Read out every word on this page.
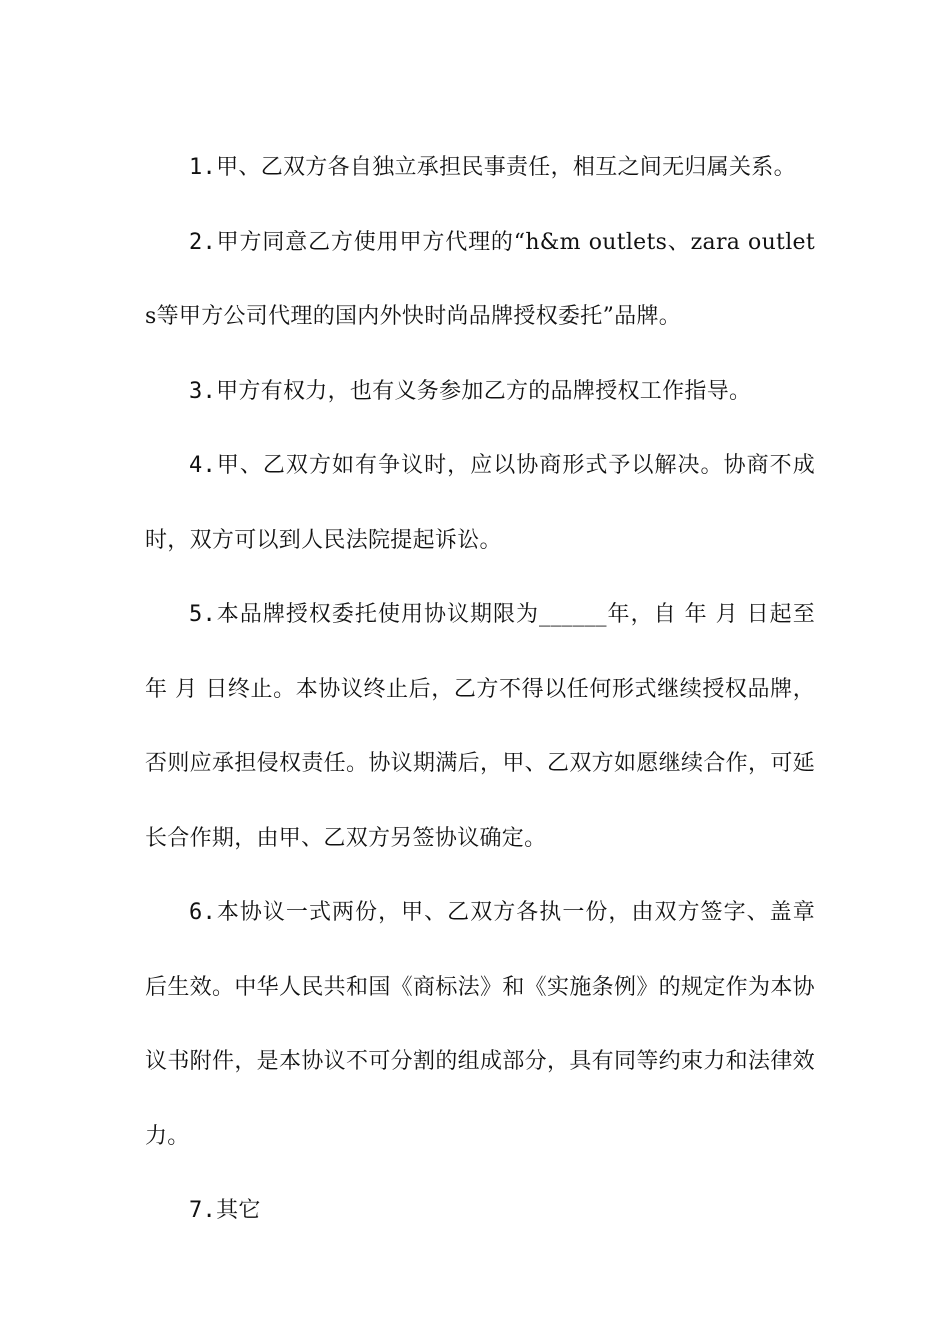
1.甲、乙双方各自独立承担民事责任，相互之间无归属关系。

2.甲方同意乙方使用甲方代理的“h&m outlets、zara outlets等甲方公司代理的国内外快时尚品牌授权委托”品牌。

3.甲方有权力，也有义务参加乙方的品牌授权工作指导。

4.甲、乙双方如有争议时，应以协商形式予以解决。协商不成时，双方可以到人民法院提起诉讼。

5.本品牌授权委托使用协议期限为______年，自 年 月 日起至 年 月 日终止。本协议终止后，乙方不得以任何形式继续授权品牌，否则应承担侵权责任。协议期满后，甲、乙双方如愿继续合作，可延长合作期，由甲、乙双方另签协议确定。

6.本协议一式两份，甲、乙双方各执一份，由双方签字、盖章后生效。中华人民共和国《商标法》和《实施条例》的规定作为本协议书附件，是本协议不可分割的组成部分，具有同等约束力和法律效力。

7.其它
